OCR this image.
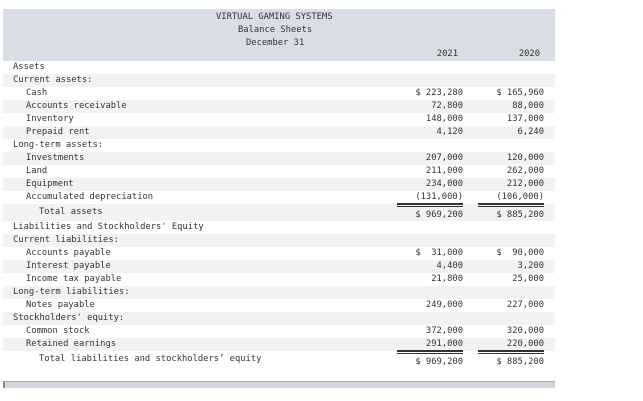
VIRTUAL GAMING SYSTEMS
Balance Sheets
December 31
2021	2020
Assets
Current assets:
Cash	$ 223,280	$ 165,960
Accounts receivable	72,800	88,000
Inventory	148,000	137,000
Prepaid rent	4,120	6,240
Long-term assets:
Investments	207,000	120,000
Land	211,000	262,000
Equipment	234,000	212,000
Accumulated depreciation	(131,000)	(106,000)
Total assets	$ 969,200	$ 885,200
Liabilities and Stockholders' Equity
Current liabilities:
Accounts payable	$  31,000	$  90,000
Interest payable	4,400	3,200
Income tax payable	21,800	25,000
Long-term liabilities:
Notes payable	249,000	227,000
Stockholders' equity:
Common stock	372,000	320,000
Retained earnings	291,000	220,000
Total liabilities and stockholders’ equity	$ 969,200	$ 885,200
